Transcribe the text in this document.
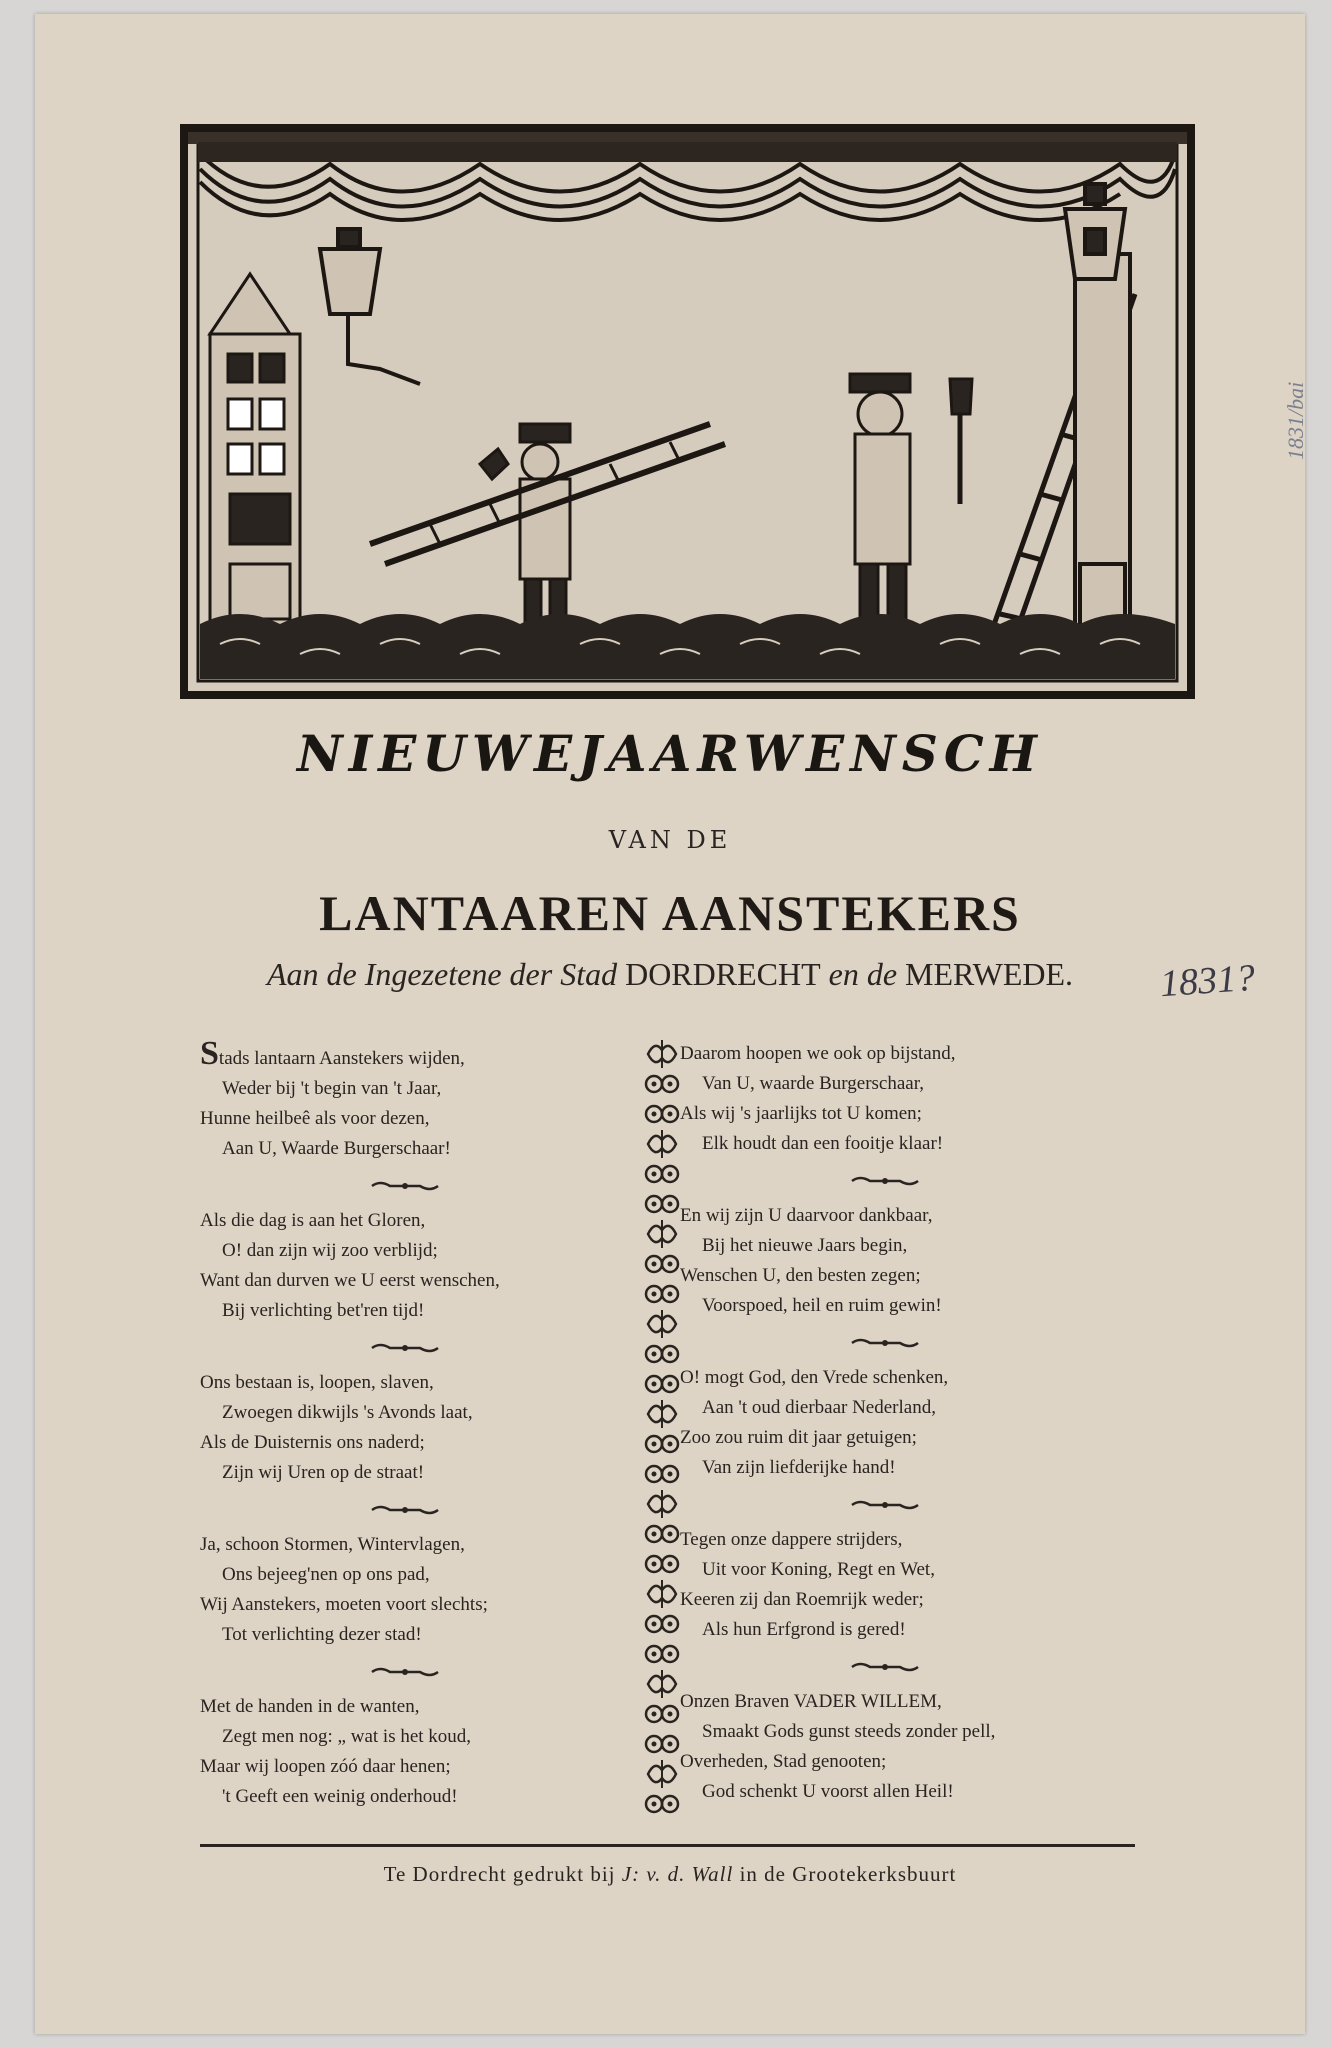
NIEUWEJAARWENSCH

VAN DE

LANTAAREN AANSTEKERS

Aan de Ingezetene der Stad DORDRECHT en de MERWEDE.	1831?
Stads lantaarn Aanstekers wijden,
Weder bij 't begin van 't Jaar,
Hunne heilbeê als voor dezen,
Aan U, Waarde Burgerschaar!
Als die dag is aan het Gloren,
O! dan zijn wij zoo verblijd;
Want dan durven we U eerst wenschen,
Bij verlichting bet'ren tijd!
Ons bestaan is, loopen, slaven,
Zwoegen dikwijls 's Avonds laat,
Als de Duisternis ons naderd;
Zijn wij Uren op de straat!
Ja, schoon Stormen, Wintervlagen,
Ons bejeeg'nen op ons pad,
Wij Aanstekers, moeten voort slechts;
Tot verlichting dezer stad!
Met de handen in de wanten,
Zegt men nog: „ wat is het koud,
Maar wij loopen zóó daar henen;
't Geeft een weinig onderhoud!
Daarom hoopen we ook op bijstand,
Van U, waarde Burgerschaar,
Als wij 's jaarlijks tot U komen;
Elk houdt dan een fooitje klaar!
En wij zijn U daarvoor dankbaar,
Bij het nieuwe Jaars begin,
Wenschen U, den besten zegen;
Voorspoed, heil en ruim gewin!
O! mogt God, den Vrede schenken,
Aan 't oud dierbaar Nederland,
Zoo zou ruim dit jaar getuigen;
Van zijn liefderijke hand!
Tegen onze dappere strijders,
Uit voor Koning, Regt en Wet,
Keeren zij dan Roemrijk weder;
Als hun Erfgrond is gered!
Onzen Braven VADER WILLEM,
Smaakt Gods gunst steeds zonder pell,
Overheden, Stad genooten;
God schenkt U voorst allen Heil!

Te Dordrecht gedrukt bij J: v. d. Wall in de Grootekerksbuurt

1831/bai
